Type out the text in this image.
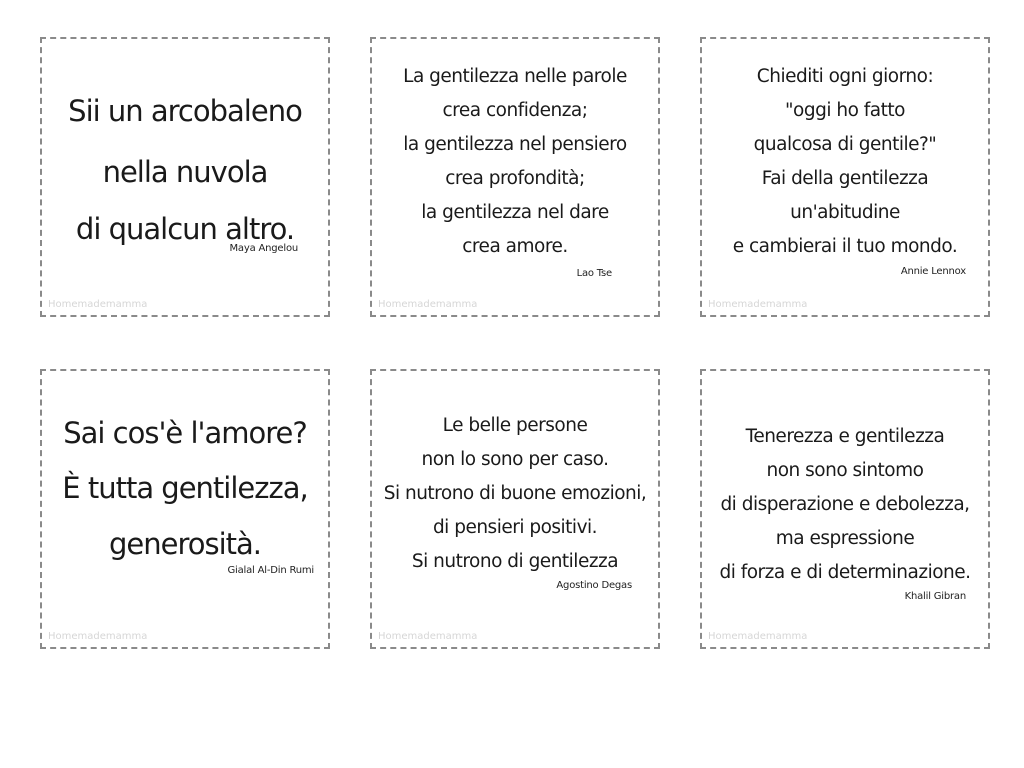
Sii un arcobaleno
nella nuvola
di qualcun altro.
Maya Angelou
Homemademamma
La gentilezza nelle parole
crea confidenza;
la gentilezza nel pensiero
crea profondità;
la gentilezza nel dare
crea amore.
Lao Tse
Homemademamma
Chiediti ogni giorno:
"oggi ho fatto
qualcosa di gentile?"
Fai della gentilezza
un'abitudine
e cambierai il tuo mondo.
Annie Lennox
Homemademamma
Sai cos'è l'amore?
È tutta gentilezza,
generosità.
Gialal Al-Din Rumi
Homemademamma
Le belle persone
non lo sono per caso.
Si nutrono di buone emozioni,
di pensieri positivi.
Si nutrono di gentilezza
Agostino Degas
Homemademamma
Tenerezza e gentilezza
non sono sintomo
di disperazione e debolezza,
ma espressione
di forza e di determinazione.
Khalil Gibran
Homemademamma
